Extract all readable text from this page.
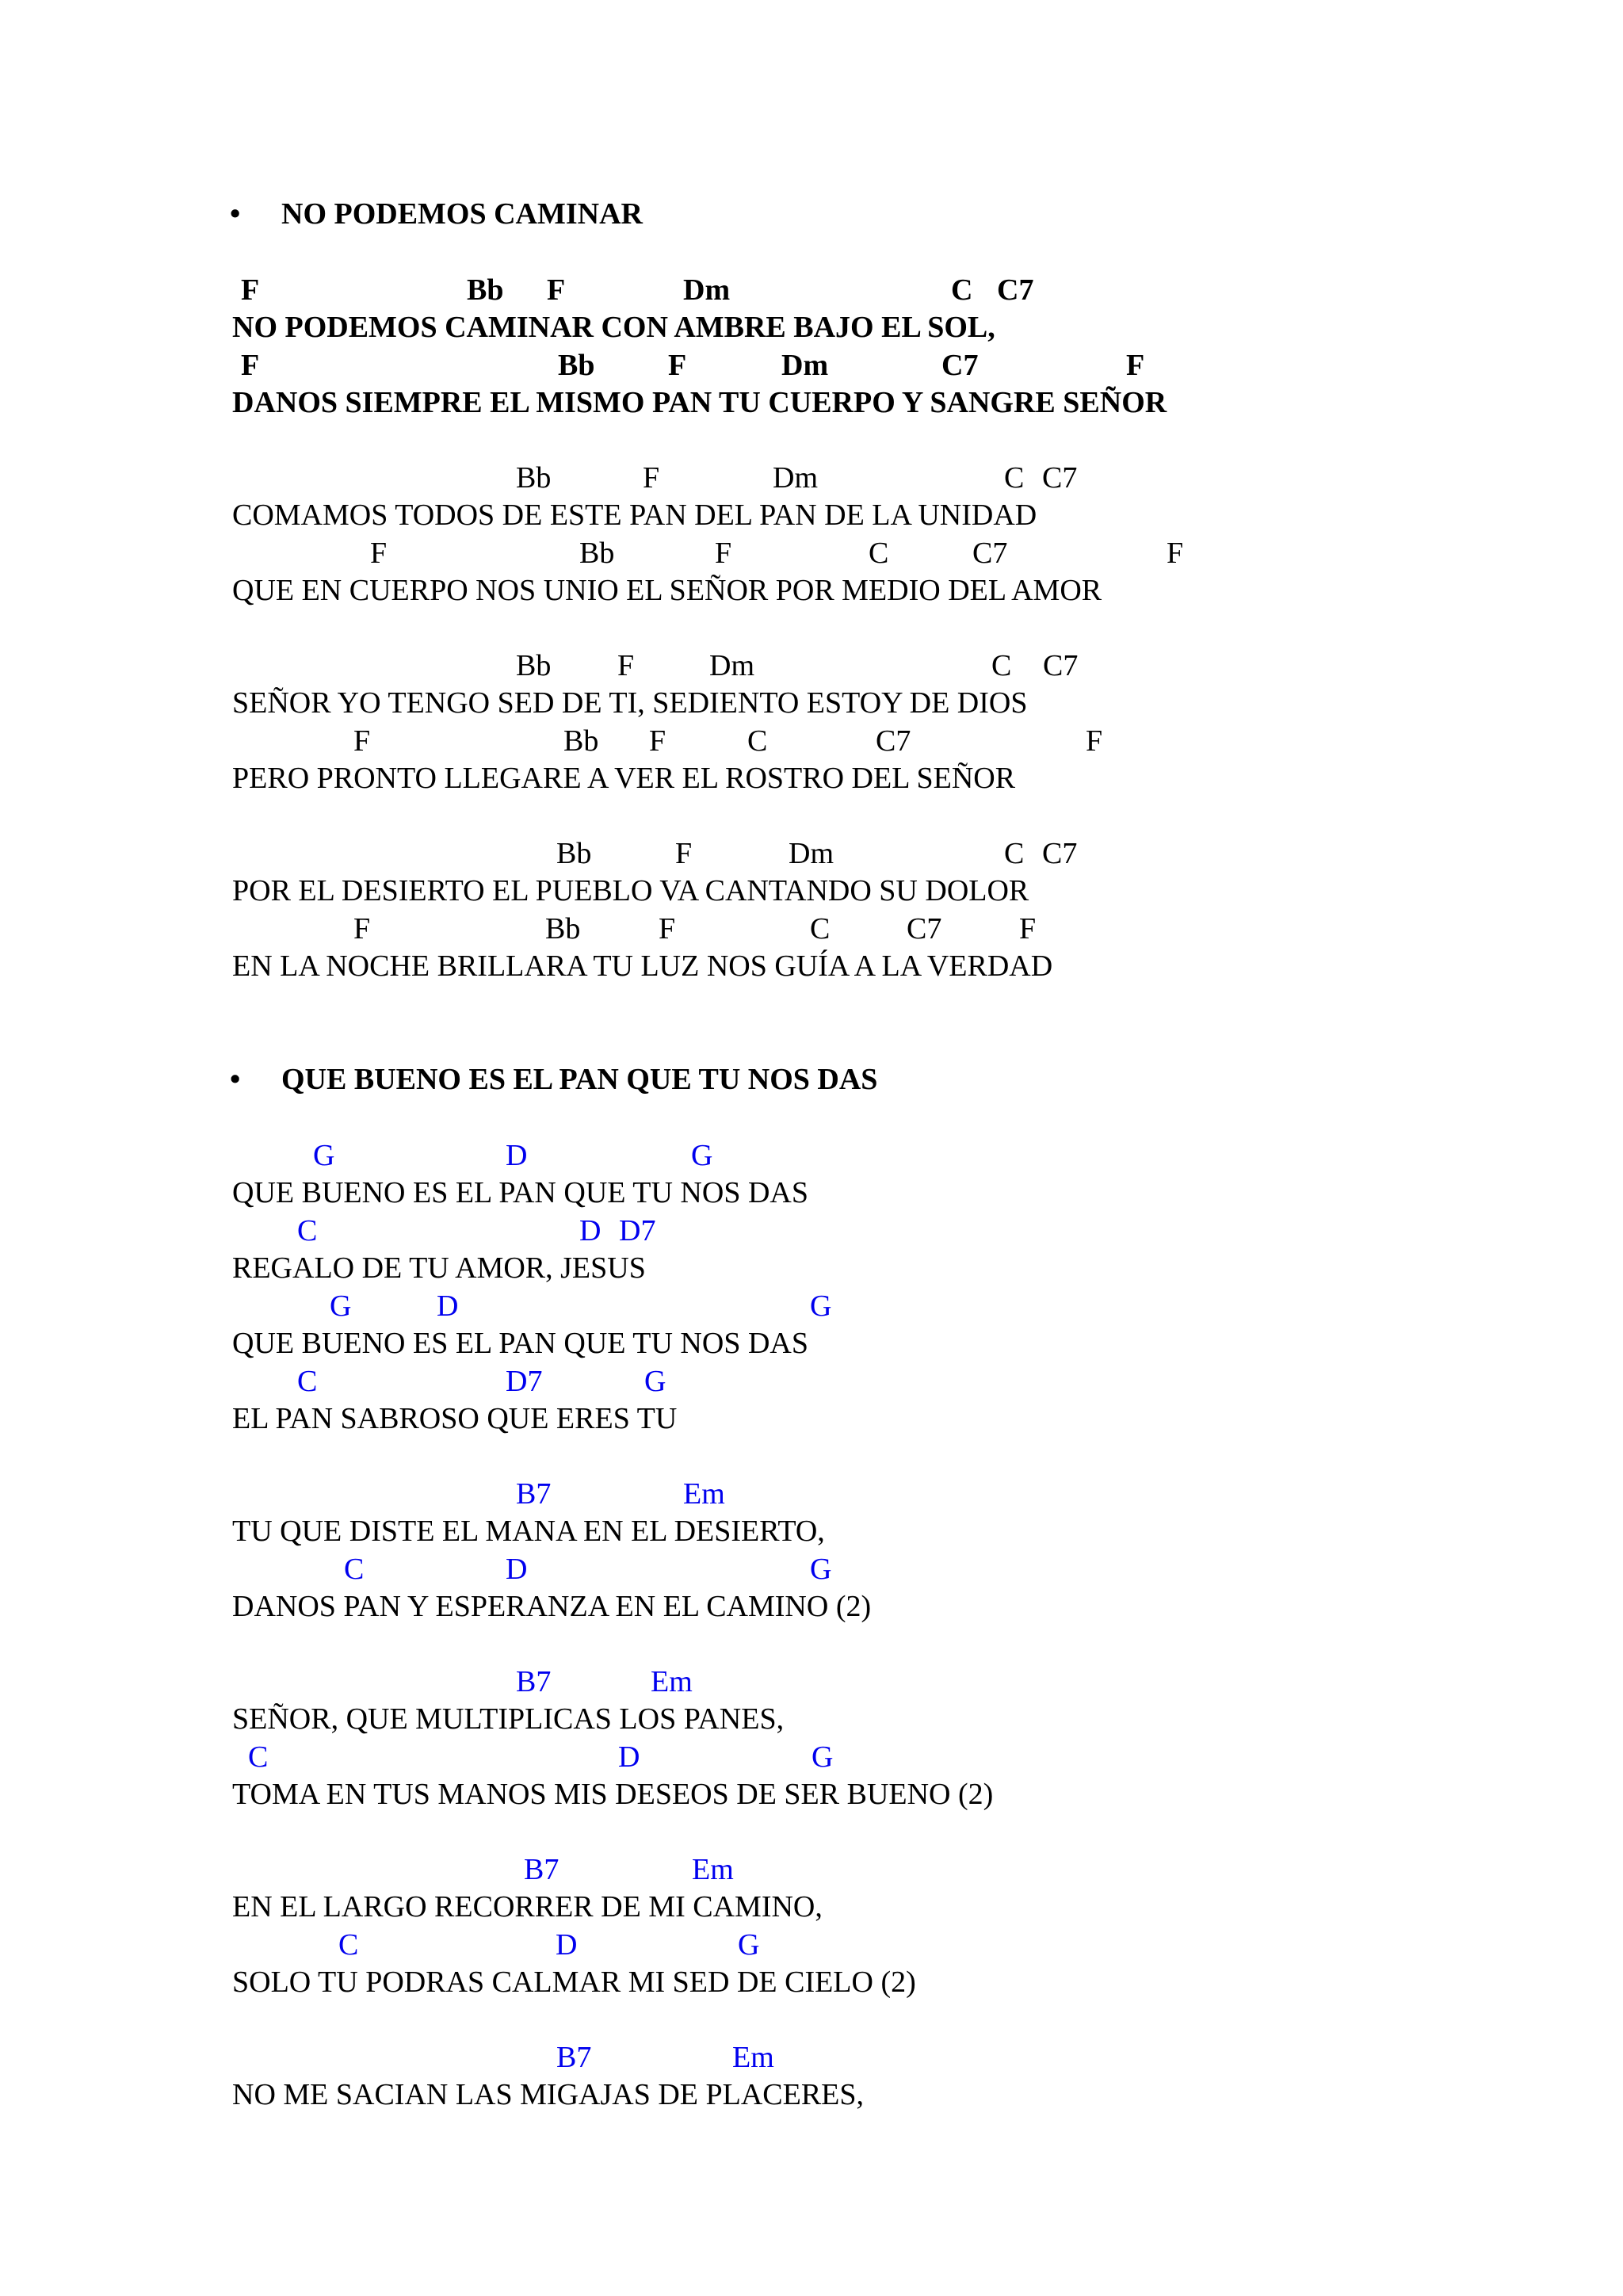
• NO PODEMOS CAMINAR
F	Bb F	Dm	C C7
NO PODEMOS CAMINAR CON AMBRE BAJO EL SOL,
F	Bb F	Dm	C7	F
DANOS SIEMPRE EL MISMO PAN TU CUERPO Y SANGRE SEÑOR
Bb	F	Dm	C C7
COMAMOS TODOS DE ESTE PAN DEL PAN DE LA UNIDAD
F	Bb	F	C	C7	F
QUE EN CUERPO NOS UNIO EL SEÑOR POR MEDIO DEL AMOR
Bb F Dm	C C7
SEÑOR YO TENGO SED DE TI, SEDIENTO ESTOY DE DIOS
F	Bb F	C	C7	F
PERO PRONTO LLEGARE A VER EL ROSTRO DEL SEÑOR
Bb	F	Dm	C C7
POR EL DESIERTO EL PUEBLO VA CANTANDO SU DOLOR
F	Bb	F	C	C7	F
EN LA NOCHE BRILLARA TU LUZ NOS GUÍA A LA VERDAD
• QUE BUENO ES EL PAN QUE TU NOS DAS
G	D	G
QUE BUENO ES EL PAN QUE TU NOS DAS
C	D D7
REGALO DE TU AMOR, JESUS
G	D	G
QUE BUENO ES EL PAN QUE TU NOS DAS
C	D7	G
EL PAN SABROSO QUE ERES TU
B7	Em
TU QUE DISTE EL MANA EN EL DESIERTO,
C	D	G
DANOS PAN Y ESPERANZA EN EL CAMINO (2)
B7	Em
SEÑOR, QUE MULTIPLICAS LOS PANES,
C	D	G
TOMA EN TUS MANOS MIS DESEOS DE SER BUENO (2)
B7	Em
EN EL LARGO RECORRER DE MI CAMINO,
C	D	G
SOLO TU PODRAS CALMAR MI SED DE CIELO (2)
B7	Em
NO ME SACIAN LAS MIGAJAS DE PLACERES,
